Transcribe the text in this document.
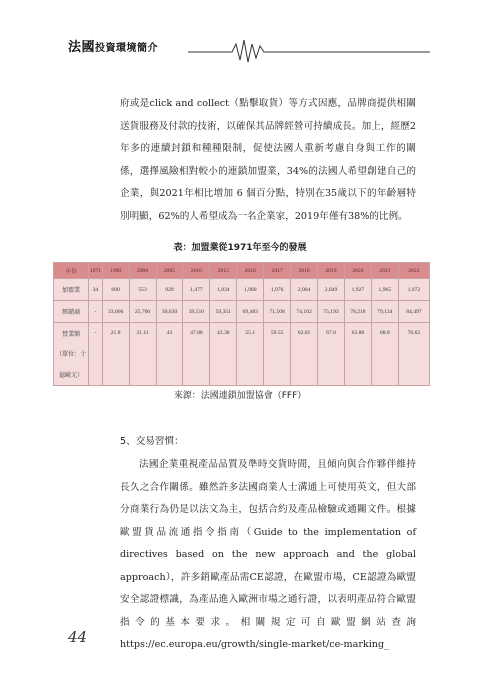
法國投資環境簡介

府或是click and collect（點擊取貨）等方式因應，品牌商提供相關送貨服務及付款的技術，以確保其品牌經營可持續成長。加上，經歷2年多的連續封鎖和種種限制，促使法國人重新考慮自身與工作的關係，選擇風險相對較小的連鎖加盟業，34%的法國人希望創建自己的企業，與2021年相比增加 6 個百分點，特別在35歲以下的年齡層特別明顯，62%的人希望成為一名企業家，2019年僅有38%的比例。

表：加盟業從1971年至今的發展
年份	1971	1990	2000	2005	2010	2015	2016	2017	2018	2019	2020	2021	2022
加盟業	34	600	553	929	1,477	1,834	1,900	1,976	2,004	2,049	1,927	1,965	1,972
經銷商	-	33,000	25,700	30,630	39,510	59,351	69,483	71,508	74,102	75,193	78,218	79,134	84,497
營業額	-	21.8	31.11	43	47.88	43.38	55.1	59.55	62.01	67.8	63.88	68.8	76.62
（單位：十													
億歐元）													
來源：法國連鎖加盟協會（FFF）
5、交易習慣：

法國企業重視產品品質及準時交貨時間，且傾向與合作夥伴維持長久之合作關係。雖然許多法國商業人士溝通上可使用英文，但大部分商業行為仍是以法文為主，包括合約及產品檢驗或通關文件。根據歐盟貨品流通指令指南（Guide to the implementation of directives based on the new approach and the global approach），許多銷歐產品需CE認證，在歐盟市場，CE認證為歐盟安全認證標識，為產品進入歐洲市場之通行證，以表明產品符合歐盟指令的基本要求。相關規定可自歐盟網站查詢https://ec.europa.eu/growth/single-market/ce-marking_

44
